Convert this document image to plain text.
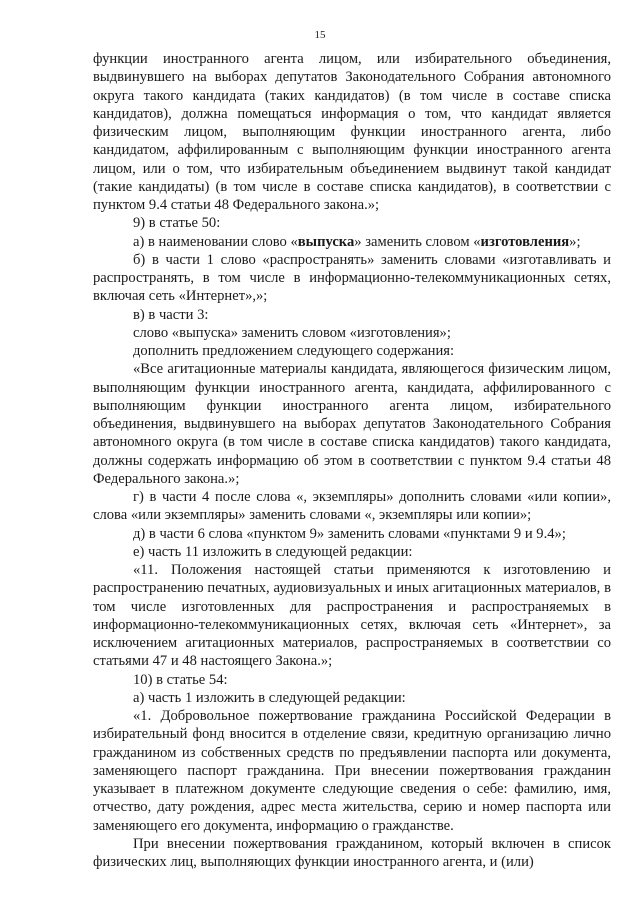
15

функции иностранного агента лицом, или избирательного объединения, выдвинувшего на выборах депутатов Законодательного Собрания автономного округа такого кандидата (таких кандидатов) (в том числе в составе списка кандидатов), должна помещаться информация о том, что кандидат является физическим лицом, выполняющим функции иностранного агента, либо кандидатом, аффилированным с выполняющим функции иностранного агента лицом, или о том, что избирательным объединением выдвинут такой кандидат (такие кандидаты) (в том числе в составе списка кандидатов), в соответствии с пунктом 9.4 статьи 48 Федерального закона.»;

9) в статье 50:

а) в наименовании слово «выпуска» заменить словом «изготовления»;

б) в части 1 слово «распространять» заменить словами «изготавливать и распространять, в том числе в информационно-телекоммуникационных сетях, включая сеть «Интернет»,»;

в) в части 3:

слово «выпуска» заменить словом «изготовления»;

дополнить предложением следующего содержания:

«Все агитационные материалы кандидата, являющегося физическим лицом, выполняющим функции иностранного агента, кандидата, аффилированного с выполняющим функции иностранного агента лицом, избирательного объединения, выдвинувшего на выборах депутатов Законодательного Собрания автономного округа (в том числе в составе списка кандидатов) такого кандидата, должны содержать информацию об этом в соответствии с пунктом 9.4 статьи 48 Федерального закона.»;

г) в части 4 после слова «, экземпляры» дополнить словами «или копии», слова «или экземпляры» заменить словами «, экземпляры или копии»;

д) в части 6 слова «пунктом 9» заменить словами «пунктами 9 и 9.4»;

е) часть 11 изложить в следующей редакции:

«11. Положения настоящей статьи применяются к изготовлению и распространению печатных, аудиовизуальных и иных агитационных материалов, в том числе изготовленных для распространения и распространяемых в информационно-телекоммуникационных сетях, включая сеть «Интернет», за исключением агитационных материалов, распространяемых в соответствии со статьями 47 и 48 настоящего Закона.»;

10) в статье 54:

а) часть 1 изложить в следующей редакции:

«1. Добровольное пожертвование гражданина Российской Федерации в избирательный фонд вносится в отделение связи, кредитную организацию лично гражданином из собственных средств по предъявлении паспорта или документа, заменяющего паспорт гражданина. При внесении пожертвования гражданин указывает в платежном документе следующие сведения о себе: фамилию, имя, отчество, дату рождения, адрес места жительства, серию и номер паспорта или заменяющего его документа, информацию о гражданстве.

При внесении пожертвования гражданином, который включен в список физических лиц, выполняющих функции иностранного агента, и (или)
